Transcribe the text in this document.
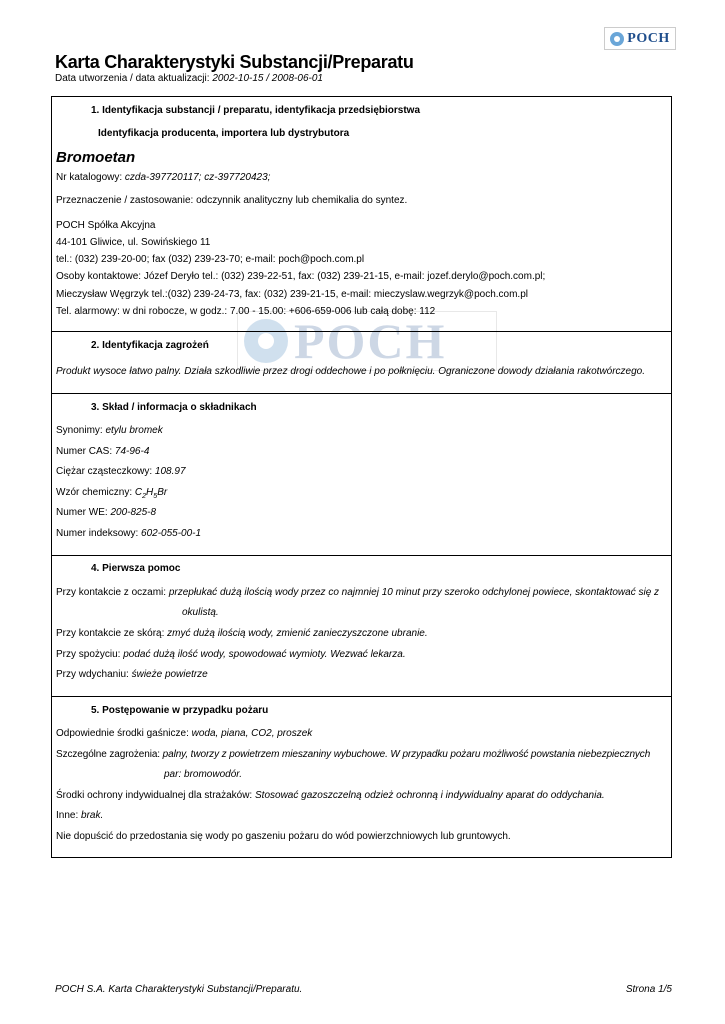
POCH
Karta Charakterystyki Substancji/Preparatu
Data utworzenia / data aktualizacji: 2002-10-15 / 2008-06-01
POCH
1. Identyfikacja substancji / preparatu, identyfikacja przedsiębiorstwa
Identyfikacja producenta, importera lub dystrybutora
Bromoetan
Nr katalogowy: czda-397720117; cz-397720423;
Przeznaczenie / zastosowanie: odczynnik analityczny lub chemikalia do syntez.
POCH Spółka Akcyjna
44-101 Gliwice, ul. Sowińskiego 11
tel.: (032) 239-20-00; fax (032) 239-23-70; e-mail: poch@poch.com.pl
Osoby kontaktowe: Józef Deryło tel.: (032) 239-22-51, fax: (032) 239-21-15, e-mail: jozef.derylo@poch.com.pl;
Mieczysław Węgrzyk tel.:(032) 239-24-73, fax: (032) 239-21-15, e-mail: mieczyslaw.wegrzyk@poch.com.pl
Tel. alarmowy: w dni robocze, w godz.: 7.00 - 15.00: +606-659-006 lub całą dobę: 112
2. Identyfikacja zagrożeń
Produkt wysoce łatwo palny. Działa szkodliwie przez drogi oddechowe i po połknięciu. Ograniczone dowody działania rakotwórczego.
3. Skład / informacja o składnikach
Synonimy: etylu bromek
Numer CAS: 74-96-4
Ciężar cząsteczkowy: 108.97
Wzór chemiczny: $C_2H_5Br$
Numer WE: 200-825-8
Numer indeksowy: 602-055-00-1
4. Pierwsza pomoc
Przy kontakcie z oczami: przepłukać dużą ilością wody przez co najmniej 10 minut przy szeroko odchylonej powiece, skontaktować się z
okulistą.
Przy kontakcie ze skórą: zmyć dużą ilością wody, zmienić zanieczyszczone ubranie.
Przy spożyciu: podać dużą ilość wody, spowodować wymioty. Wezwać lekarza.
Przy wdychaniu: świeże powietrze
5. Postępowanie w przypadku pożaru
Odpowiednie środki gaśnicze: woda, piana, CO2, proszek
Szczególne zagrożenia: palny, tworzy z powietrzem mieszaniny wybuchowe. W przypadku pożaru możliwość powstania niebezpiecznych
par: bromowodór.
Środki ochrony indywidualnej dla strażaków: Stosować gazoszczelną odzież ochronną i indywidualny aparat do oddychania.
Inne: brak.
Nie dopuścić do przedostania się wody po gaszeniu pożaru do wód powierzchniowych lub gruntowych.
POCH S.A. Karta Charakterystyki Substancji/Preparatu.	Strona 1/5
